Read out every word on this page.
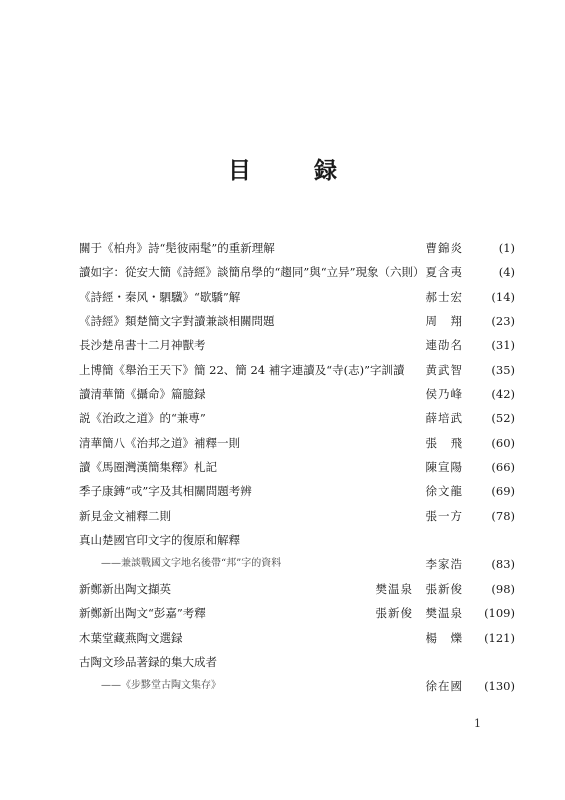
目　録
關于《柏舟》詩“髧彼兩髦”的重新理解	曹錦炎	(1)
讀如字：從安大簡《詩經》談簡帛學的“趨同”與“立异”現象（六則） 夏含夷	(4)
《詩經・秦风・駟驖》“歇驕”解	郝士宏 (14)
《詩經》類楚簡文字對讀兼談相關問題	周　翔 (23)
長沙楚帛書十二月神獸考	連劭名 (31)
上博簡《舉治王天下》簡 22、簡 24 補字連讀及“寺(志)”字訓讀 黄武智 (35)
讀清華簡《攝命》篇臆録	侯乃峰 (42)
説《治政之道》的“兼尃”	薛培武 (52)
清華簡八《治邦之道》補釋一則	張　飛 (60)
讀《馬圈灣漢簡集釋》札記	陳宣陽 (66)
季子康鎛“戓”字及其相關問題考辨	徐文龍 (69)
新見金文補釋二則	張一方 (78)
真山楚國官印文字的復原和解釋
——兼談戰國文字地名後帶“邦”字的資料	李家浩 (83)
新鄭新出陶文擷英	樊温泉　張新俊 (98)
新鄭新出陶文“彭嘉”考釋	張新俊　樊温泉 (109)
木葉堂藏燕陶文選録	楊　爍 (121)
古陶文珍品著録的集大成者
——《步黟堂古陶文集存》	徐在國 (130)
1
